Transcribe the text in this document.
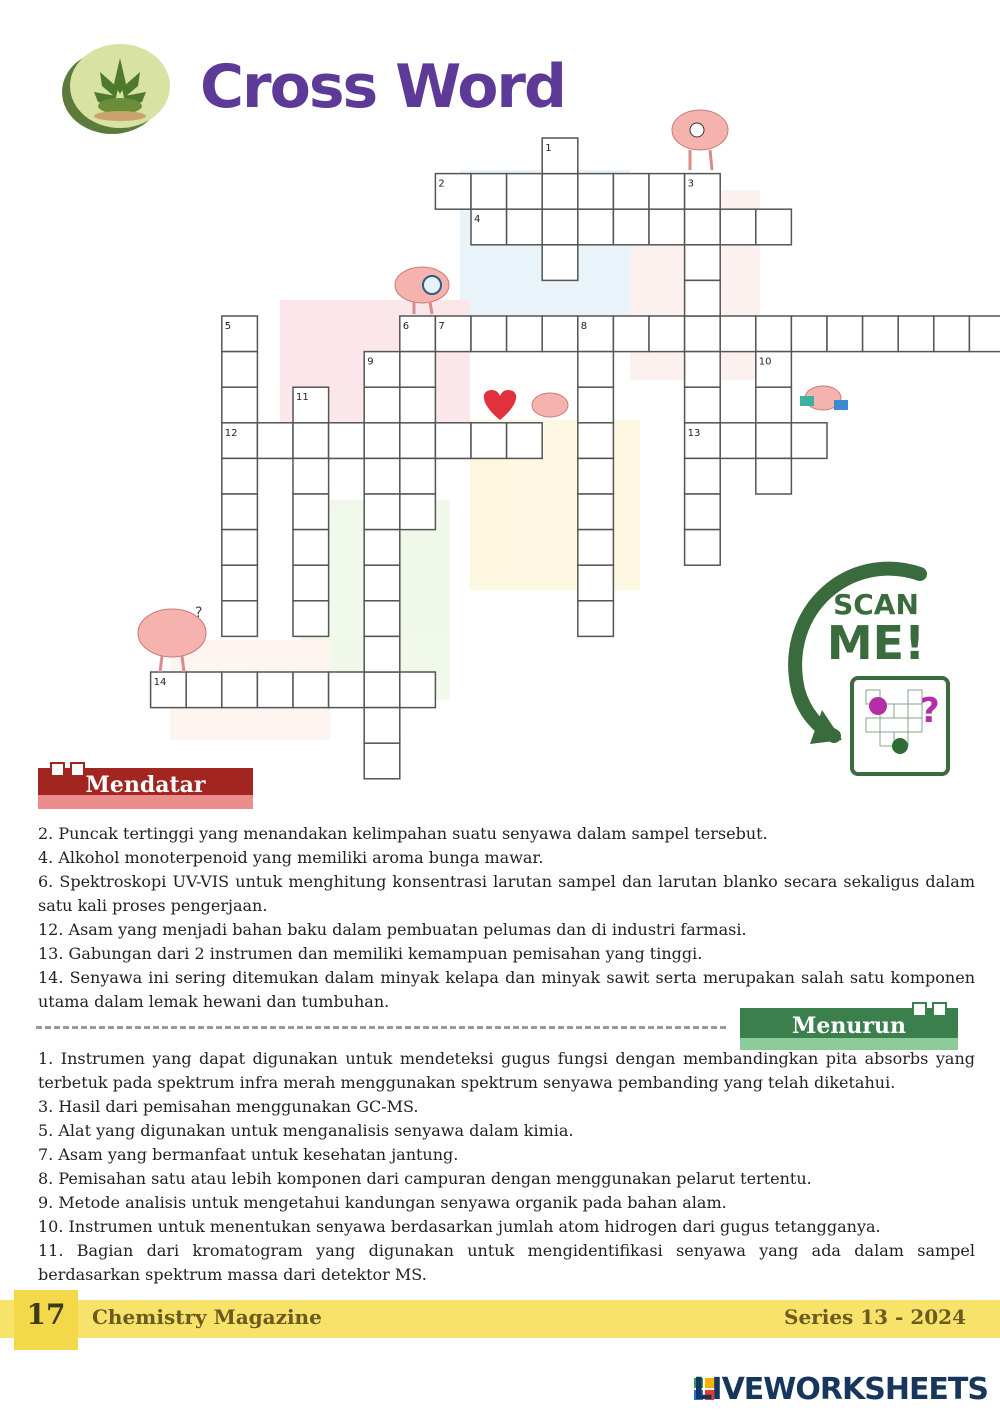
Cross Word
1
2	3
4
5	6	7	8
9	10
11
12	13
14
?
?
SCAN
ME!
Mendatar
2. Puncak tertinggi yang menandakan kelimpahan suatu senyawa dalam sampel tersebut.
4. Alkohol monoterpenoid yang memiliki aroma bunga mawar.
6. Spektroskopi UV-VIS untuk menghitung konsentrasi larutan sampel dan larutan blanko secara sekaligus dalam satu kali proses pengerjaan.
12. Asam yang menjadi bahan baku dalam pembuatan pelumas dan di industri farmasi.
13. Gabungan dari 2 instrumen dan memiliki kemampuan pemisahan yang tinggi.
14. Senyawa ini sering ditemukan dalam minyak kelapa dan minyak sawit serta merupakan salah satu komponen utama dalam lemak hewani dan tumbuhan.
Menurun
1. Instrumen yang dapat digunakan untuk mendeteksi gugus fungsi dengan membandingkan pita absorbs yang terbetuk pada spektrum infra merah menggunakan spektrum senyawa pembanding yang telah diketahui.
3. Hasil dari pemisahan menggunakan GC-MS.
5. Alat yang digunakan untuk menganalisis senyawa dalam kimia.
7. Asam yang bermanfaat untuk kesehatan jantung.
8. Pemisahan satu atau lebih komponen dari campuran dengan menggunakan pelarut tertentu.
9. Metode analisis untuk mengetahui kandungan senyawa organik pada bahan alam.
10. Instrumen untuk menentukan senyawa berdasarkan jumlah atom hidrogen dari gugus tetangganya.
11. Bagian dari kromatogram yang digunakan untuk mengidentifikasi senyawa yang ada dalam sampel berdasarkan spektrum massa dari detektor MS.
17	Chemistry Magazine	Series 13 - 2024
LIVEWORKSHEETS
